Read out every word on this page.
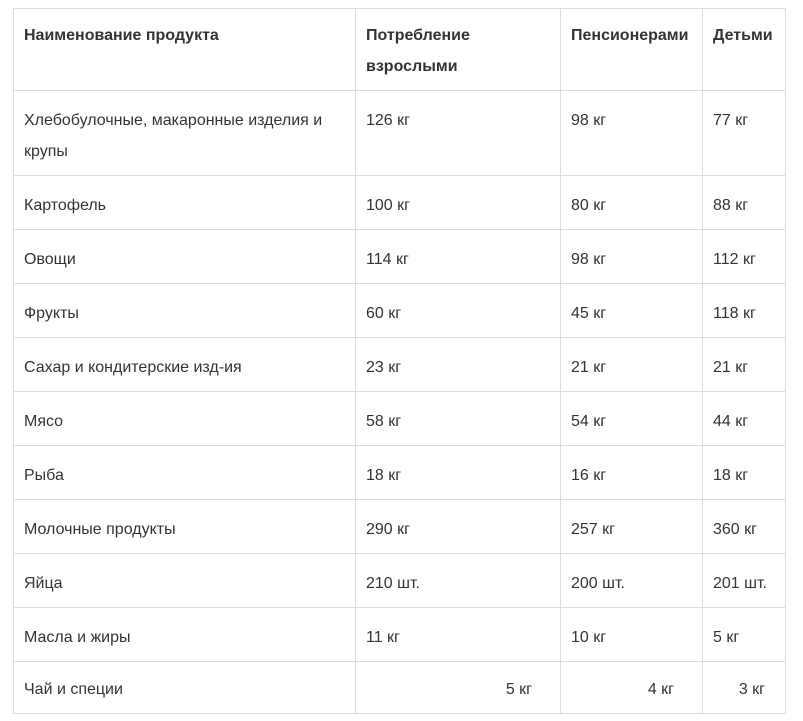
Наименование продукта	Потребление взрослыми	Пенсионерами	Детьми
Хлебобулочные, макаронные изделия и крупы	126 кг	98 кг	77 кг
Картофель	100 кг	80 кг	88 кг
Овощи	114 кг	98 кг	112 кг
Фрукты	60 кг	45 кг	118 кг
Сахар и кондитерские изд-ия	23 кг	21 кг	21 кг
Мясо	58 кг	54 кг	44 кг
Рыба	18 кг	16 кг	18 кг
Молочные продукты	290 кг	257 кг	360 кг
Яйца	210 шт.	200 шт.	201 шт.
Масла и жиры	11 кг	10 кг	5 кг
Чай и специи	5 кг	4 кг	3 кг
